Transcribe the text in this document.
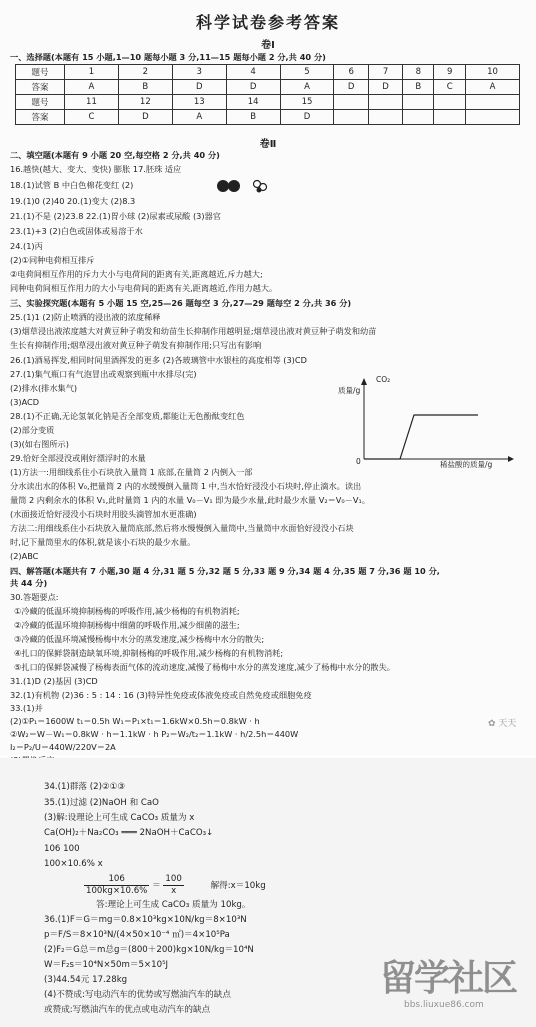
科学试卷参考答案
卷Ⅰ
一、选择题(本题有 15 小题,1—10 题每小题 3 分,11—15 题每小题 2 分,共 40 分)
题号	1	2	3	4	5	6	7	8	9	10
答案	A	B	D	D	A	D	D	B	C	A
题号	11	12	13	14	15					
答案	C	D	A	B	D					
卷Ⅱ
二、填空题(本题有 9 小题 20 空,每空格 2 分,共 40 分)
16.越快(越大、变大、变快) 膨胀 17.胚珠 适应
18.(1)试管 B 中白色棉花变红 (2)
19.(1)0 (2)40 20.(1)变大 (2)8.3
21.(1)不是 (2)23.8 22.(1)胃小球 (2)尿素或尿酸 (3)器官
23.(1)+3 (2)白色或固体或易溶于水
24.(1)丙
(2)①同种电荷相互排斥
②电荷间相互作用的斥力大小与电荷间的距离有关,距离越近,斥力越大;
同种电荷间相互作用力的大小与电荷间的距离有关,距离越近,作用力越大。
三、实验探究题(本题有 5 小题 15 空,25—26 题每空 3 分,27—29 题每空 2 分,共 36 分)
25.(1)1 (2)防止喷洒的浸出液的浓度稀释
(3)烟草浸出液浓度越大对黄豆种子萌发和幼苗生长抑制作用越明显;烟草浸出液对黄豆种子萌发和幼苗
生长有抑制作用;烟草浸出液对黄豆种子萌发有抑制作用;只写出有影响
26.(1)酒易挥发,相同时间里酒挥发的更多 (2)各玻璃管中水银柱的高度相等 (3)CD
27.(1)集气瓶口有气泡冒出或观察到瓶中水排尽(完)
(2)排水(排水集气)
(3)ACD
28.(1)不正确,无论氢氧化钠是否全部变质,都能让无色酚酞变红色
(2)部分变质
(3)(如右图所示)
29.恰好全部浸没或刚好漂浮时的水量
(1)方法一:用细线系住小石块放入量筒 1 底部,在量筒 2 内倒入一部
分水读出水的体积 V₀,把量筒 2 内的水缓慢倒入量筒 1 中,当水恰好浸没小石块时,停止滴水。读出
量筒 2 内剩余水的体积 V₁,此时量筒 1 内的水量 V₀－V₁ 即为最少水量,此时最少水量 V₂＝V₀－V₁。
(水面接近恰好浸没小石块时用胶头滴管加水更准确)
方法二:用细线系住小石块放入量筒底部,然后将水慢慢倒入量筒中,当量筒中水面恰好浸没小石块
时,记下量筒里水的体积,就是该小石块的最少水量。
(2)ABC
CO₂
质量/g
0	稀盐酸的质量/g
四、解答题(本题共有 7 小题,30 题 4 分,31 题 5 分,32 题 5 分,33 题 9 分,34 题 4 分,35 题 7 分,36 题 10 分,
共 44 分)
30.答题要点:
①冷藏的低温环境抑制杨梅的呼吸作用,减少杨梅的有机物消耗;
②冷藏的低温环境抑制杨梅中细菌的呼吸作用,减少细菌的滋生;
③冷藏的低温环境减慢杨梅中水分的蒸发速度,减少杨梅中水分的散失;
④扎口的保鲜袋制造缺氧环境,抑制杨梅的呼吸作用,减少杨梅的有机物消耗;
⑤扎口的保鲜袋减慢了杨梅表面气体的流动速度,减慢了杨梅中水分的蒸发速度,减少了杨梅中水分的散失。
31.(1)D (2)基因 (3)CD
32.(1)有机物 (2)36 : 5 : 14 : 16 (3)特异性免疫或体液免疫或自然免疫或细胞免疫
33.(1)并
(2)①P₁＝1600W t₁＝0.5h W₁＝P₁×t₁＝1.6kW×0.5h＝0.8kW · h
②W₂＝W－W₁＝0.8kW · h＝1.1kW · h P₂＝W₂/t₂＝1.1kW · h/2.5h＝440W
I₂＝P₂/U＝440W/220V＝2A
✿ 天天
34.(1)群落 (2)②①③
35.(1)过滤 (2)NaOH 和 CaO
(3)解:设理论上可生成 CaCO₃ 质量为 x
Ca(OH)₂＋Na₂CO₃ ═══ 2NaOH＋CaCO₃↓
106 100
100×10.6% x
$\frac{106}{100kg\times 10.6\%} = \frac{100}{x}$	解得:x＝10kg
答:理论上可生成 CaCO₃ 质量为 10kg。
36.(1)F＝G＝mg＝0.8×10³kg×10N/kg＝8×10³N
p＝F/S＝8×10³N/(4×50×10⁻⁴ ㎡)＝4×10⁵Pa
(2)F₂＝G总＝m总g＝(800＋200)kg×10N/kg＝10⁴N
W＝F₂s＝10⁴N×50m＝5×10⁵J
(3)44.54元 17.28kg
(4)不赞成:写电动汽车的优势或写燃油汽车的缺点
或赞成:写燃油汽车的优点或电动汽车的缺点
留学社区
bbs.liuxue86.com
